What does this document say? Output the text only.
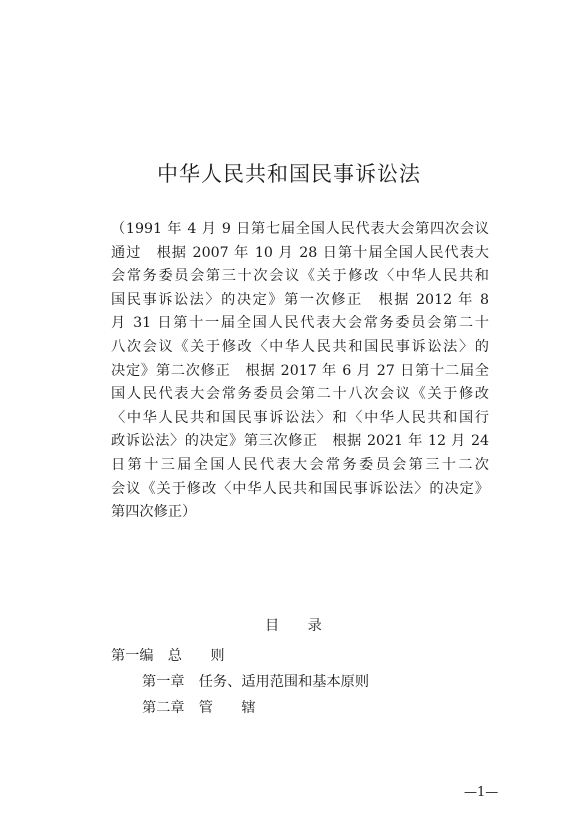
中华人民共和国民事诉讼法
（1991 年 4 月 9 日第七届全国人民代表大会第四次会议
通过　根据 2007 年 10 月 28 日第十届全国人民代表大
会常务委员会第三十次会议《关于修改〈中华人民共和
国民事诉讼法〉的决定》第一次修正　根据 2012 年 8
月 31 日第十一届全国人民代表大会常务委员会第二十
八次会议《关于修改〈中华人民共和国民事诉讼法〉的
决定》第二次修正　根据 2017 年 6 月 27 日第十二届全
国人民代表大会常务委员会第二十八次会议《关于修改
〈中华人民共和国民事诉讼法〉和〈中华人民共和国行
政诉讼法〉的决定》第三次修正　根据 2021 年 12 月 24
日第十三届全国人民代表大会常务委员会第三十二次
会议《关于修改〈中华人民共和国民事诉讼法〉的决定》
第四次修正）
目　　录
第一编　总　　则
第一章　任务、适用范围和基本原则
第二章　管　　辖
—1—
